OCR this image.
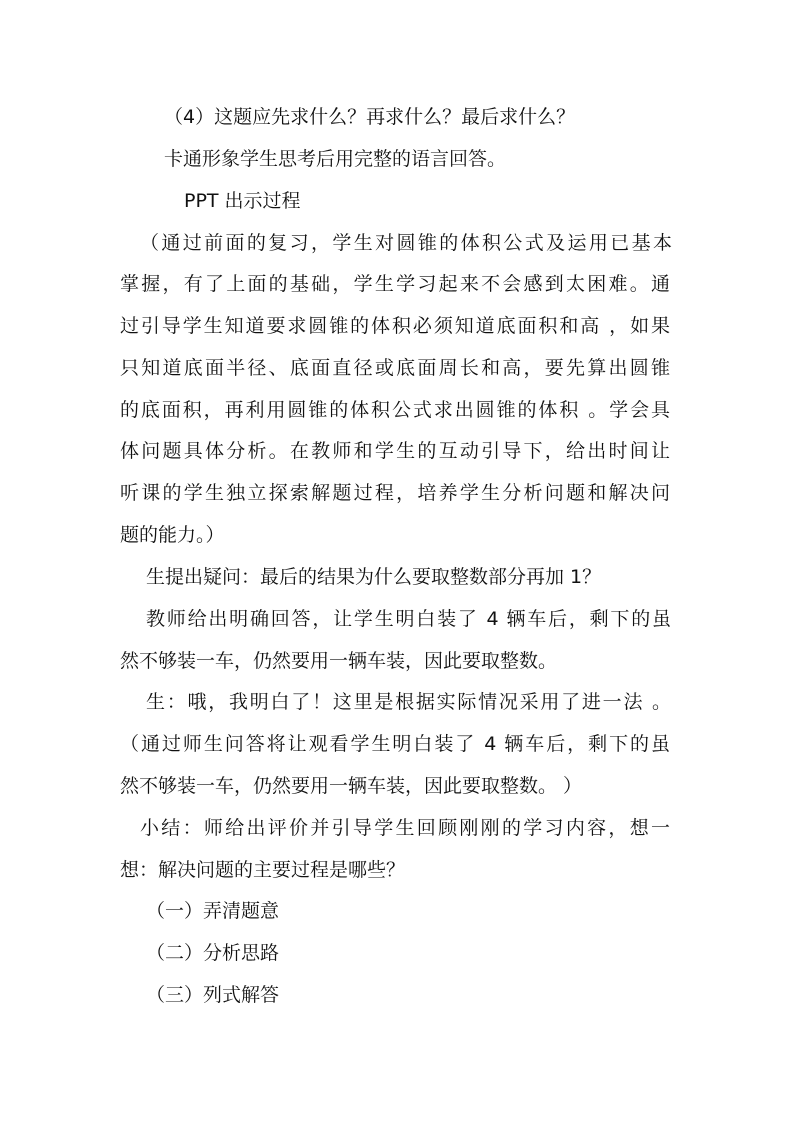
（4）这题应先求什么？再求什么？最后求什么？
卡通形象学生思考后用完整的语言回答。
PPT 出示过程
（通过前面的复习，学生对圆锥的体积公式及运用已基本
掌握，有了上面的基础，学生学习起来不会感到太困难。通
过引导学生知道要求圆锥的体积必须知道底面积和高 ，如果
只知道底面半径、底面直径或底面周长和高，要先算出圆锥
的底面积，再利用圆锥的体积公式求出圆锥的体积 。学会具
体问题具体分析。在教师和学生的互动引导下，给出时间让
听课的学生独立探索解题过程，培养学生分析问题和解决问
题的能力。）
生提出疑问：最后的结果为什么要取整数部分再加 1？
教师给出明确回答，让学生明白装了 4 辆车后，剩下的虽
然不够装一车，仍然要用一辆车装，因此要取整数。
生：哦，我明白了！这里是根据实际情况采用了进一法 。
（通过师生问答将让观看学生明白装了 4 辆车后，剩下的虽
然不够装一车，仍然要用一辆车装，因此要取整数。 ）
小结：师给出评价并引导学生回顾刚刚的学习内容，想一
想：解决问题的主要过程是哪些？
（一）弄清题意
（二）分析思路
（三）列式解答
